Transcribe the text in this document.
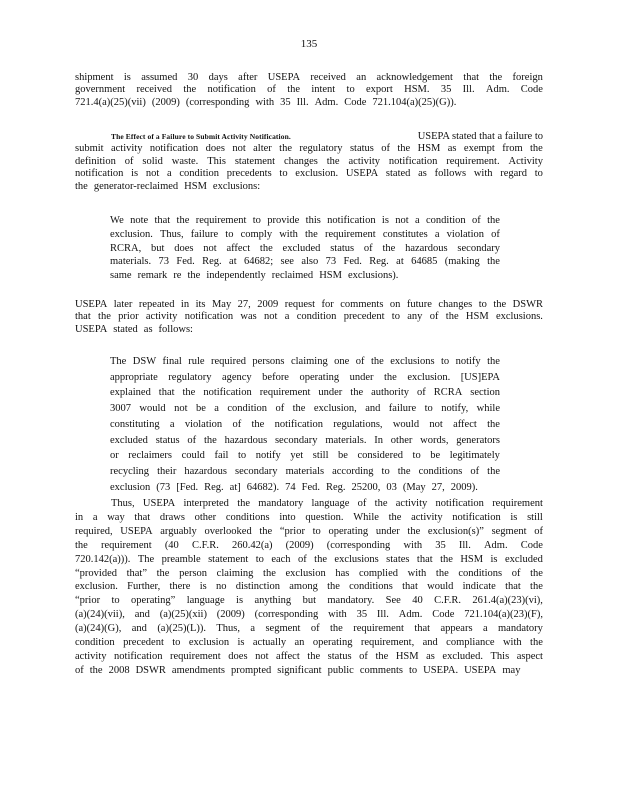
135
shipment is assumed 30 days after USEPA received an acknowledgement that the foreign
government received the notification of the intent to export HSM. 35 Ill. Adm. Code
721.4(a)(25)(vii) (2009) (corresponding with 35 Ill. Adm. Code 721.104(a)(25)(G)).
The Effect of a Failure to Submit Activity Notification.	USEPA stated that a failure to
submit activity notification does not alter the regulatory status of the HSM as exempt from the
definition of solid waste. This statement changes the activity notification requirement. Activity
notification is not a condition precedents to exclusion. USEPA stated as follows with regard to
the generator-reclaimed HSM exclusions:
We note that the requirement to provide this notification is not a condition of the
exclusion. Thus, failure to comply with the requirement constitutes a violation of
RCRA, but does not affect the excluded status of the hazardous secondary
materials. 73 Fed. Reg. at 64682; see also 73 Fed. Reg. at 64685 (making the
same remark re the independently reclaimed HSM exclusions).
USEPA later repeated in its May 27, 2009 request for comments on future changes to the DSWR
that the prior activity notification was not a condition precedent to any of the HSM exclusions.
USEPA stated as follows:
The DSW final rule required persons claiming one of the exclusions to notify the
appropriate regulatory agency before operating under the exclusion. [US]EPA
explained that the notification requirement under the authority of RCRA section
3007 would not be a condition of the exclusion, and failure to notify, while
constituting a violation of the notification regulations, would not affect the
excluded status of the hazardous secondary materials. In other words, generators
or reclaimers could fail to notify yet still be considered to be legitimately
recycling their hazardous secondary materials according to the conditions of the
exclusion (73 [Fed. Reg. at] 64682). 74 Fed. Reg. 25200, 03 (May 27, 2009).
Thus, USEPA interpreted the mandatory language of the activity notification requirement
in a way that draws other conditions into question. While the activity notification is still
required, USEPA arguably overlooked the “prior to operating under the exclusion(s)” segment of
the requirement (40 C.F.R. 260.42(a) (2009) (corresponding with 35 Ill. Adm. Code
720.142(a))). The preamble statement to each of the exclusions states that the HSM is excluded
“provided that” the person claiming the exclusion has complied with the conditions of the
exclusion. Further, there is no distinction among the conditions that would indicate that the
“prior to operating” language is anything but mandatory. See 40 C.F.R. 261.4(a)(23)(vi),
(a)(24)(vii), and (a)(25)(xii) (2009) (corresponding with 35 Ill. Adm. Code 721.104(a)(23)(F),
(a)(24)(G), and (a)(25)(L)). Thus, a segment of the requirement that appears a mandatory
condition precedent to exclusion is actually an operating requirement, and compliance with the
activity notification requirement does not affect the status of the HSM as excluded. This aspect
of the 2008 DSWR amendments prompted significant public comments to USEPA. USEPA may
